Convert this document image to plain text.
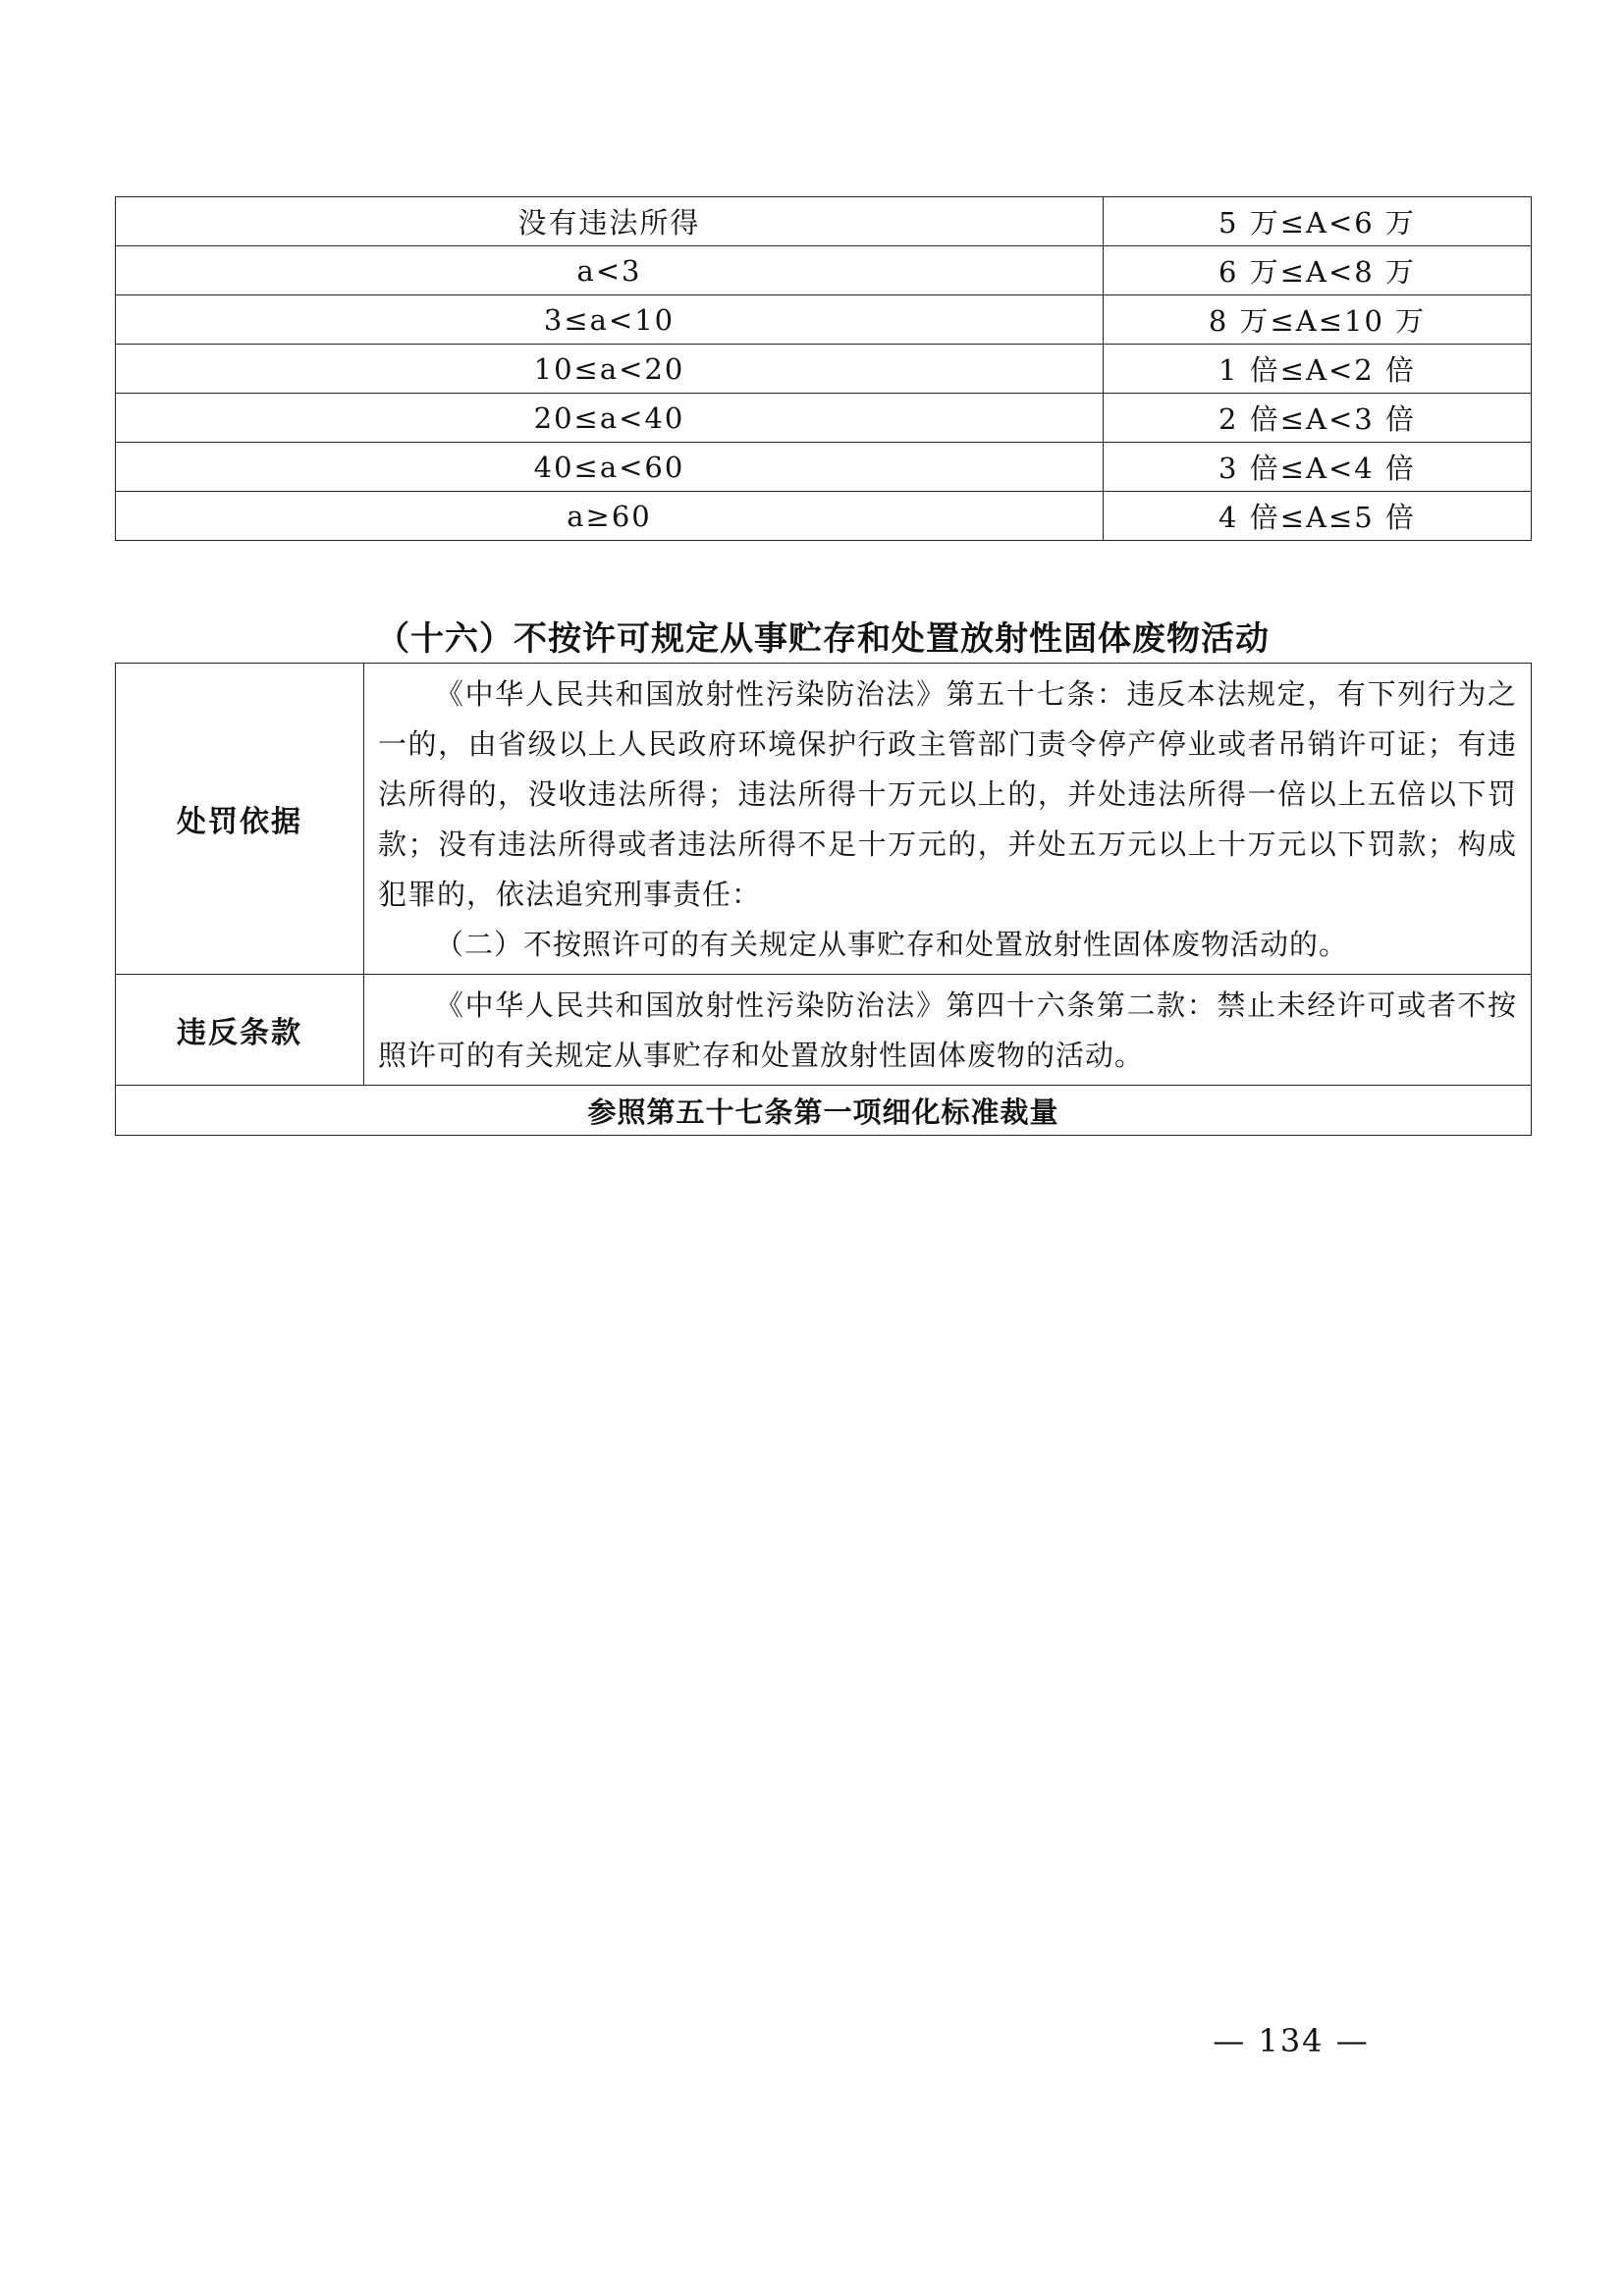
没有违法所得	5 万≤A<6 万
a<3	6 万≤A<8 万
3≤a<10	8 万≤A≤10 万
10≤a<20	1 倍≤A<2 倍
20≤a<40	2 倍≤A<3 倍
40≤a<60	3 倍≤A<4 倍
a≥60	4 倍≤A≤5 倍
（十六）不按许可规定从事贮存和处置放射性固体废物活动
处罚依据	《中华人民共和国放射性污染防治法》第五十七条：违反本法规定，有下列行为之一的，由省级以上人民政府环境保护行政主管部门责令停产停业或者吊销许可证；有违法所得的，没收违法所得；违法所得十万元以上的，并处违法所得一倍以上五倍以下罚款；没有违法所得或者违法所得不足十万元的，并处五万元以上十万元以下罚款；构成犯罪的，依法追究刑事责任：

（二）不按照许可的有关规定从事贮存和处置放射性固体废物活动的。

违反条款	《中华人民共和国放射性污染防治法》第四十六条第二款：禁止未经许可或者不按照许可的有关规定从事贮存和处置放射性固体废物的活动。

参照第五十七条第一项细化标准裁量	
— 134 —
